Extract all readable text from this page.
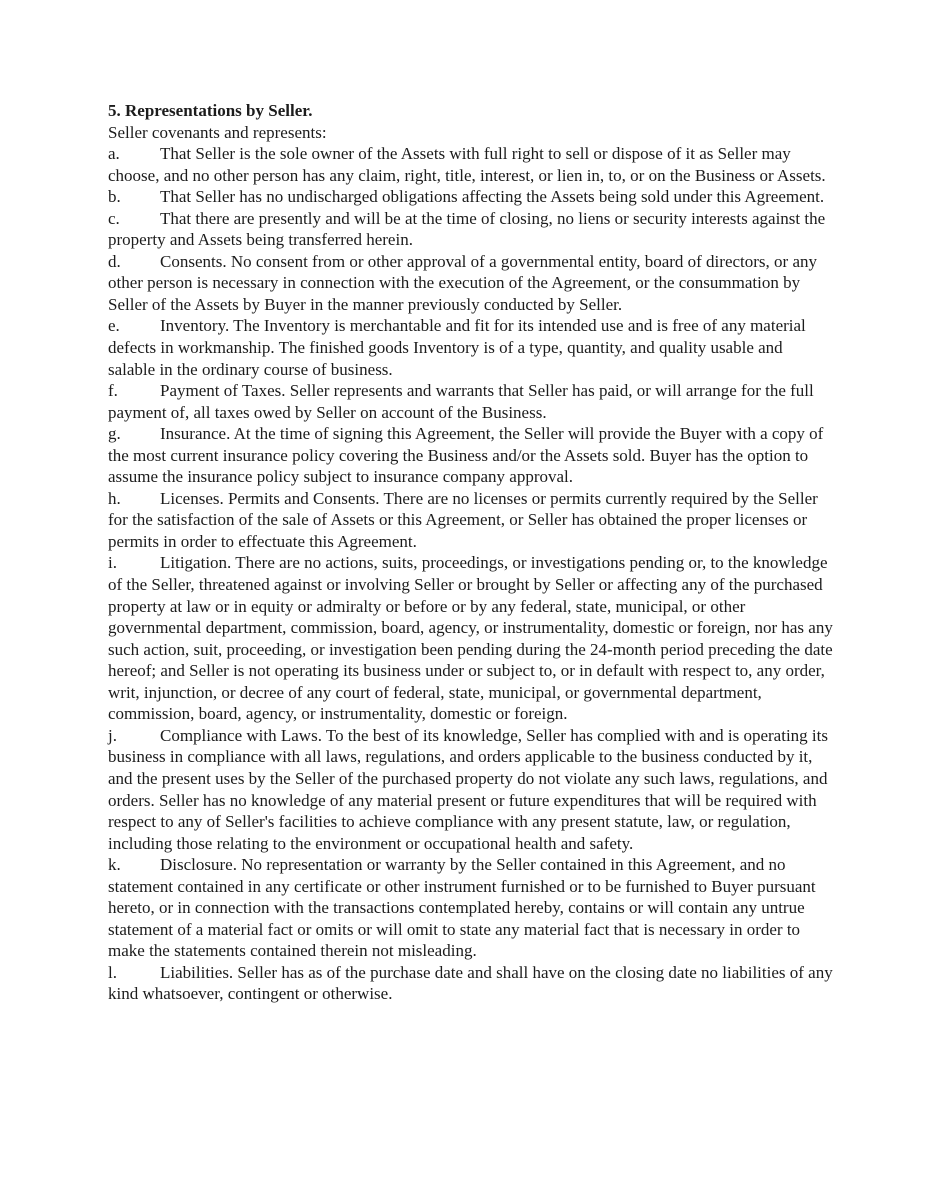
5. Representations by Seller.

Seller covenants and represents:

a. That Seller is the sole owner of the Assets with full right to sell or dispose of it as Seller may choose, and no other person has any claim, right, title, interest, or lien in, to, or on the Business or Assets.

b. That Seller has no undischarged obligations affecting the Assets being sold under this Agreement.

c. That there are presently and will be at the time of closing, no liens or security interests against the property and Assets being transferred herein.

d. Consents. No consent from or other approval of a governmental entity, board of directors, or any other person is necessary in connection with the execution of the Agreement, or the consummation by Seller of the Assets by Buyer in the manner previously conducted by Seller.

e. Inventory. The Inventory is merchantable and fit for its intended use and is free of any material defects in workmanship. The finished goods Inventory is of a type, quantity, and quality usable and salable in the ordinary course of business.

f. Payment of Taxes. Seller represents and warrants that Seller has paid, or will arrange for the full payment of, all taxes owed by Seller on account of the Business.

g. Insurance. At the time of signing this Agreement, the Seller will provide the Buyer with a copy of the most current insurance policy covering the Business and/or the Assets sold. Buyer has the option to assume the insurance policy subject to insurance company approval.

h. Licenses. Permits and Consents. There are no licenses or permits currently required by the Seller for the satisfaction of the sale of Assets or this Agreement, or Seller has obtained the proper licenses or permits in order to effectuate this Agreement.

i.	Litigation. There are no actions, suits, proceedings, or investigations pending or, to the knowledge of the Seller, threatened against or involving Seller or brought by Seller or affecting any of the purchased property at law or in equity or admiralty or before or by any federal, state, municipal, or other governmental department, commission, board, agency, or instrumentality, domestic or foreign, nor has any such action, suit, proceeding, or investigation been pending during the 24-month period preceding the date hereof; and Seller is not operating its business under or subject to, or in default with respect to, any order, writ, injunction, or decree of any court of federal, state, municipal, or governmental department, commission, board, agency, or instrumentality, domestic or foreign.

j.	Compliance with Laws. To the best of its knowledge, Seller has complied with and is operating its business in compliance with all laws, regulations, and orders applicable to the business conducted by it, and the present uses by the Seller of the purchased property do not violate any such laws, regulations, and orders. Seller has no knowledge of any material present or future expenditures that will be required with respect to any of Seller's facilities to achieve compliance with any present statute, law, or regulation, including those relating to the environment or occupational health and safety.

k. Disclosure. No representation or warranty by the Seller contained in this Agreement, and no statement contained in any certificate or other instrument furnished or to be furnished to Buyer pursuant hereto, or in connection with the transactions contemplated hereby, contains or will contain any untrue statement of a material fact or omits or will omit to state any material fact that is necessary in order to make the statements contained therein not misleading.

l.	Liabilities. Seller has as of the purchase date and shall have on the closing date no liabilities of any kind whatsoever, contingent or otherwise.
